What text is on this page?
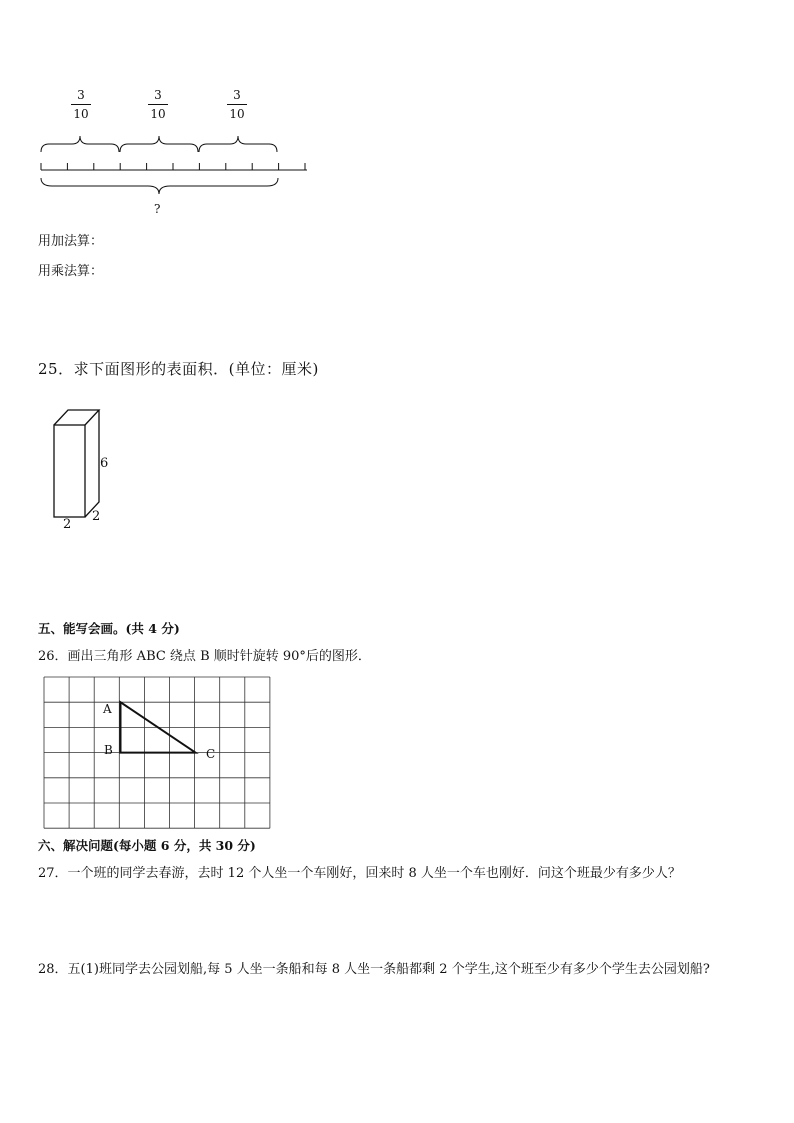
3
10
3
10
3
10
?
用加法算：
用乘法算：
25．求下面图形的表面积．(单位：厘米)
6
2
2
五、能写会画。(共 4 分)
26．画出三角形 ABC 绕点 B 顺时针旋转 90°后的图形．
A
B	C
六、解决问题(每小题 6 分，共 30 分)
27．一个班的同学去春游，去时 12 个人坐一个车刚好，回来时 8 人坐一个车也刚好．问这个班最少有多少人？
28．五(1)班同学去公园划船,每 5 人坐一条船和每 8 人坐一条船都剩 2 个学生,这个班至少有多少个学生去公园划船?
